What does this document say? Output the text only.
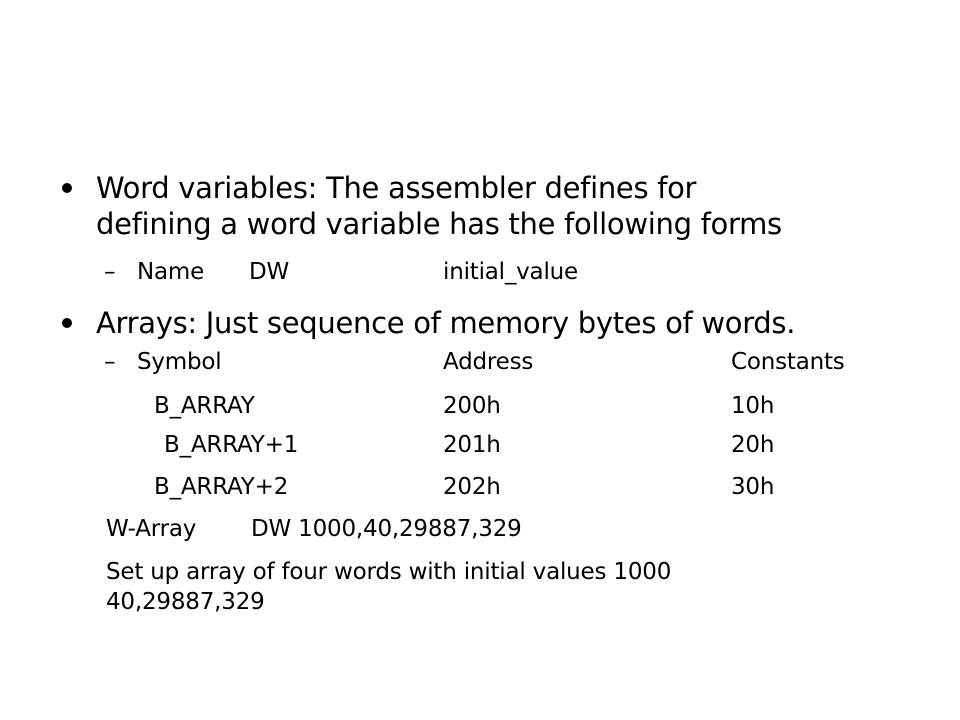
Word variables: The assembler defines for
defining a word variable has the following forms
– Name DW	initial_value
Arrays: Just sequence of memory bytes of words.
– Symbol	Address	Constants
B_ARRAY	200h	10h
B_ARRAY+1	201h	20h
B_ARRAY+2	202h	30h
W-Array DW 1000,40,29887,329
Set up array of four words with initial values 1000
40,29887,329
